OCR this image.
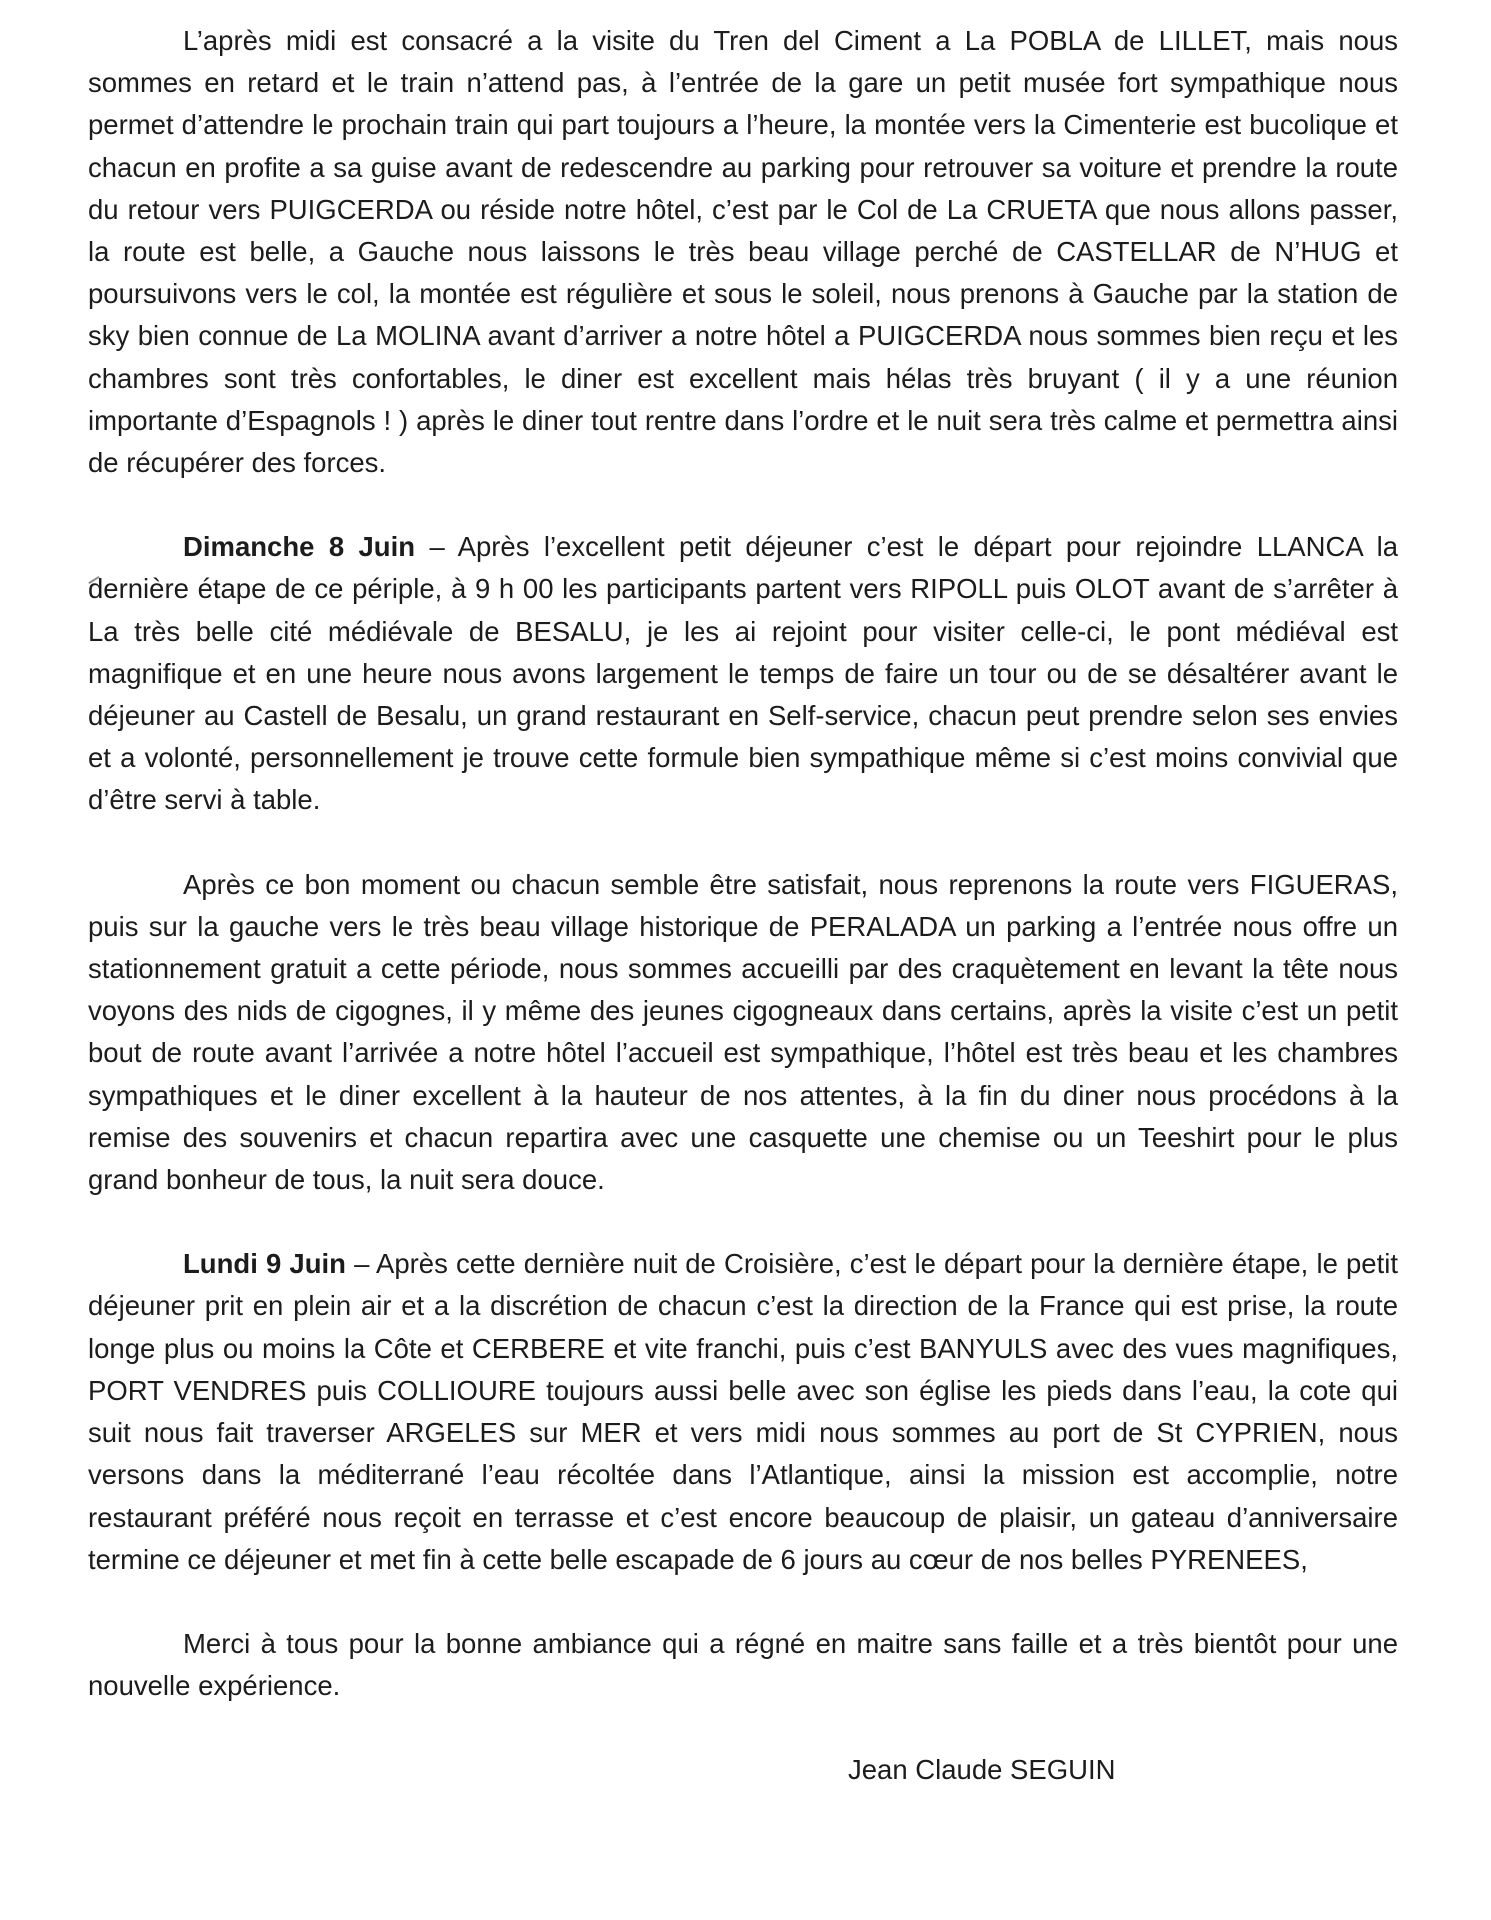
L’après midi est consacré a la visite du Tren del Ciment a La POBLA de LILLET, mais nous sommes en retard et le train n’attend pas, à l’entrée de la gare un petit musée fort sympathique nous permet d’attendre le prochain train qui part toujours a l’heure, la montée vers la Cimenterie est bucolique et chacun en profite a sa guise avant de redescendre au parking pour retrouver sa voiture et prendre la route du retour vers PUIGCERDA ou réside notre hôtel, c’est par le Col de La CRUETA que nous allons passer, la route est belle, a Gauche nous laissons le très beau village perché de CASTELLAR de N’HUG et poursuivons vers le col, la montée est régulière et sous le soleil, nous prenons à Gauche par la station de sky bien connue de La MOLINA avant d’arriver a notre hôtel a PUIGCERDA nous sommes bien reçu et les chambres sont très confortables, le diner est excellent mais hélas très bruyant ( il y a une réunion importante d’Espagnols ! ) après le diner tout rentre dans l’ordre et le nuit sera très calme et permettra ainsi de récupérer des forces.

Dimanche 8 Juin – Après l’excellent petit déjeuner c’est le départ pour rejoindre LLANCA la dernière étape de ce périple, à 9 h 00 les participants partent vers RIPOLL puis OLOT avant de s’arrêter à La très belle cité médiévale de BESALU, je les ai rejoint pour visiter celle-ci, le pont médiéval est magnifique et en une heure nous avons largement le temps de faire un tour ou de se désaltérer avant le déjeuner au Castell de Besalu, un grand restaurant en Self-service, chacun peut prendre selon ses envies et a volonté, personnellement je trouve cette formule bien sympathique même si c’est moins convivial que d’être servi à table.

Après ce bon moment ou chacun semble être satisfait, nous reprenons la route vers FIGUERAS, puis sur la gauche vers le très beau village historique de PERALADA un parking a l’entrée nous offre un stationnement gratuit a cette période, nous sommes accueilli par des craquètement en levant la tête nous voyons des nids de cigognes, il y même des jeunes cigogneaux dans certains, après la visite c’est un petit bout de route avant l’arrivée a notre hôtel l’accueil est sympathique, l’hôtel est très beau et les chambres sympathiques et le diner excellent à la hauteur de nos attentes, à la fin du diner nous procédons à la remise des souvenirs et chacun repartira avec une casquette une chemise ou un Teeshirt pour le plus grand bonheur de tous, la nuit sera douce.

Lundi 9 Juin – Après cette dernière nuit de Croisière, c’est le départ pour la dernière étape, le petit déjeuner prit en plein air et a la discrétion de chacun c’est la direction de la France qui est prise, la route longe plus ou moins la Côte et CERBERE et vite franchi, puis c’est BANYULS avec des vues magnifiques, PORT VENDRES puis COLLIOURE toujours aussi belle avec son église les pieds dans l’eau, la cote qui suit nous fait traverser ARGELES sur MER et vers midi nous sommes au port de St CYPRIEN, nous versons dans la méditerrané l’eau récoltée dans l’Atlantique, ainsi la mission est accomplie, notre restaurant préféré nous reçoit en terrasse et c’est encore beaucoup de plaisir, un gateau d’anniversaire termine ce déjeuner et met fin à cette belle escapade de 6 jours au cœur de nos belles PYRENEES,

Merci à tous pour la bonne ambiance qui a régné en maitre sans faille et a très bientôt pour une nouvelle expérience.

Jean Claude SEGUIN
